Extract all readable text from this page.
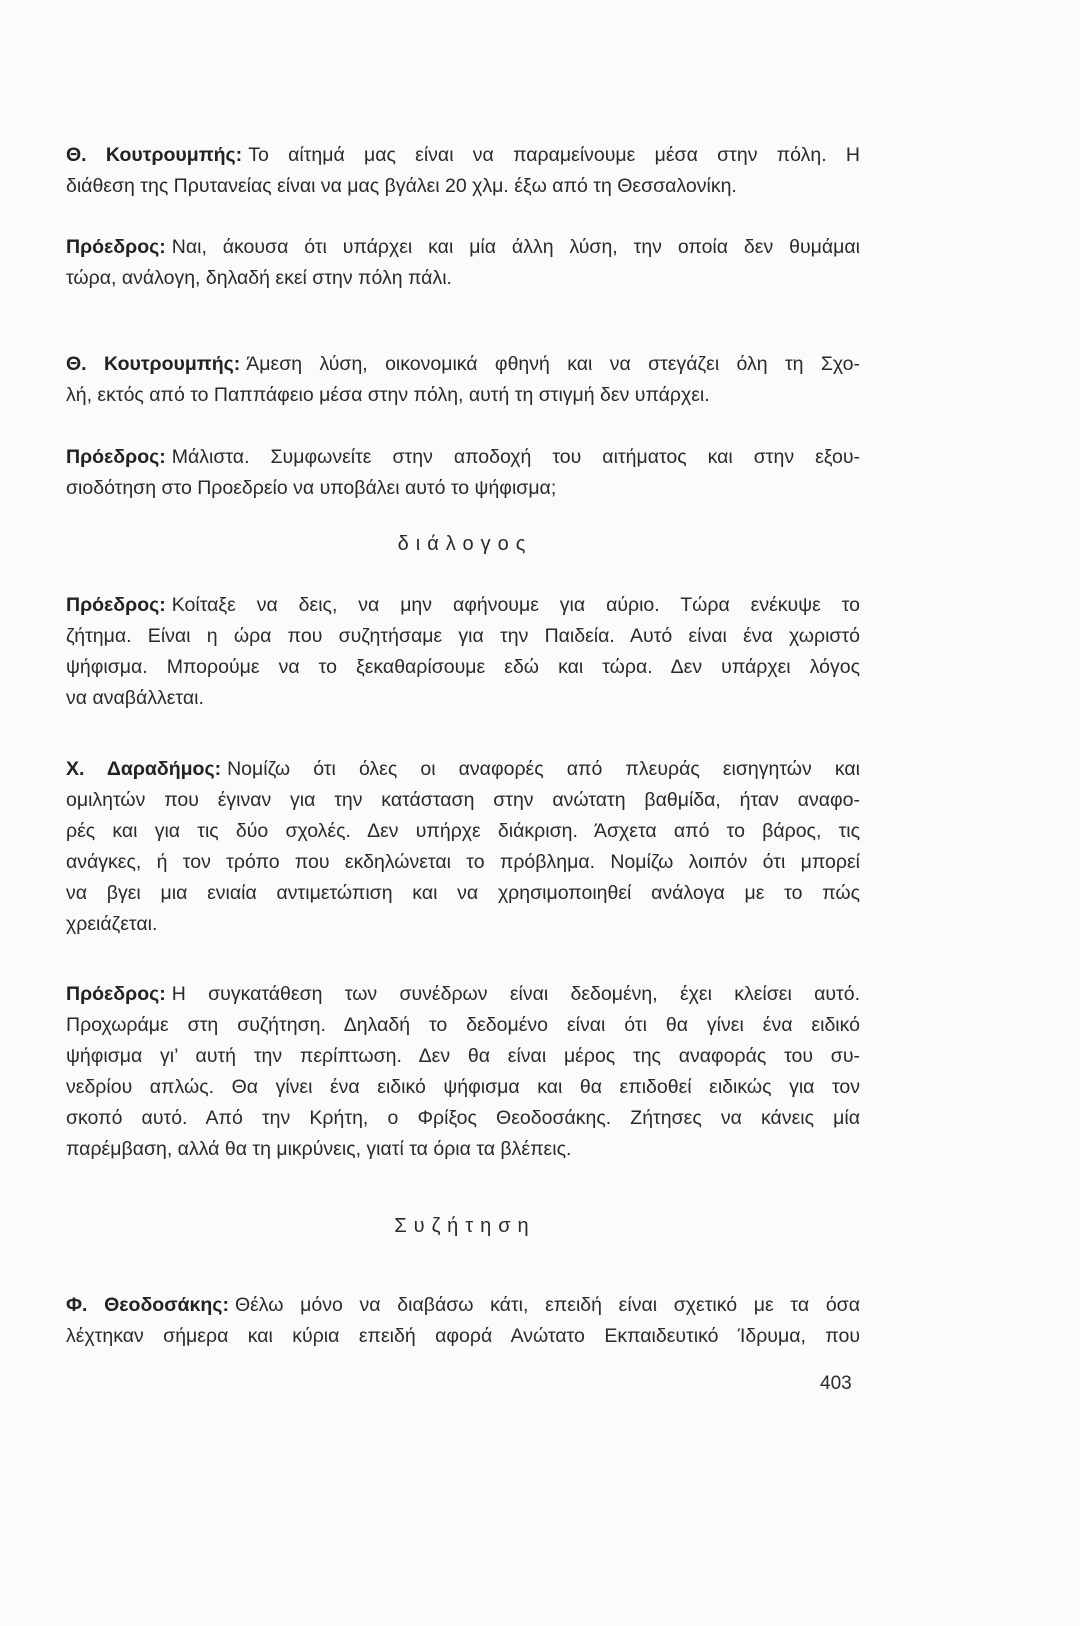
Θ. Κουτρουμπής: Το αίτημά μας είναι να παραμείνουμε μέσα στην πόλη. Η
διάθεση της Πρυτανείας είναι να μας βγάλει 20 χλμ. έξω από τη Θεσσαλονίκη.
Πρόεδρος: Ναι, άκουσα ότι υπάρχει και μία άλλη λύση, την οποία δεν θυμάμαι
τώρα, ανάλογη, δηλαδή εκεί στην πόλη πάλι.
Θ. Κουτρουμπής: Άμεση λύση, οικονομικά φθηνή και να στεγάζει όλη τη Σχο-
λή, εκτός από το Παππάφειο μέσα στην πόλη, αυτή τη στιγμή δεν υπάρχει.
Πρόεδρος: Μάλιστα. Συμφωνείτε στην αποδοχή του αιτήματος και στην εξου-
σιοδότηση στο Προεδρείο να υποβάλει αυτό το ψήφισμα;
διάλογος
Πρόεδρος: Κοίταξε να δεις, να μην αφήνουμε για αύριο. Τώρα ενέκυψε το
ζήτημα. Είναι η ώρα που συζητήσαμε για την Παιδεία. Αυτό είναι ένα χωριστό
ψήφισμα. Μπορούμε να το ξεκαθαρίσουμε εδώ και τώρα. Δεν υπάρχει λόγος
να αναβάλλεται.
Χ. Δαραδήμος: Νομίζω ότι όλες οι αναφορές από πλευράς εισηγητών και
ομιλητών που έγιναν για την κατάσταση στην ανώτατη βαθμίδα, ήταν αναφο-
ρές και για τις δύο σχολές. Δεν υπήρχε διάκριση. Άσχετα από το βάρος, τις
ανάγκες, ή τον τρόπο που εκδηλώνεται το πρόβλημα. Νομίζω λοιπόν ότι μπορεί
να βγει μια ενιαία αντιμετώπιση και να χρησιμοποιηθεί ανάλογα με το πώς
χρειάζεται.
Πρόεδρος: Η συγκατάθεση των συνέδρων είναι δεδομένη, έχει κλείσει αυτό.
Προχωράμε στη συζήτηση. Δηλαδή το δεδομένο είναι ότι θα γίνει ένα ειδικό
ψήφισμα γι’ αυτή την περίπτωση. Δεν θα είναι μέρος της αναφοράς του συ-
νεδρίου απλώς. Θα γίνει ένα ειδικό ψήφισμα και θα επιδοθεί ειδικώς για τον
σκοπό αυτό. Από την Κρήτη, ο Φρίξος Θεοδοσάκης. Ζήτησες να κάνεις μία
παρέμβαση, αλλά θα τη μικρύνεις, γιατί τα όρια τα βλέπεις.
Συζήτηση
Φ. Θεοδοσάκης: Θέλω μόνο να διαβάσω κάτι, επειδή είναι σχετικό με τα όσα
λέχτηκαν σήμερα και κύρια επειδή αφορά Ανώτατο Εκπαιδευτικό Ίδρυμα, που
403
